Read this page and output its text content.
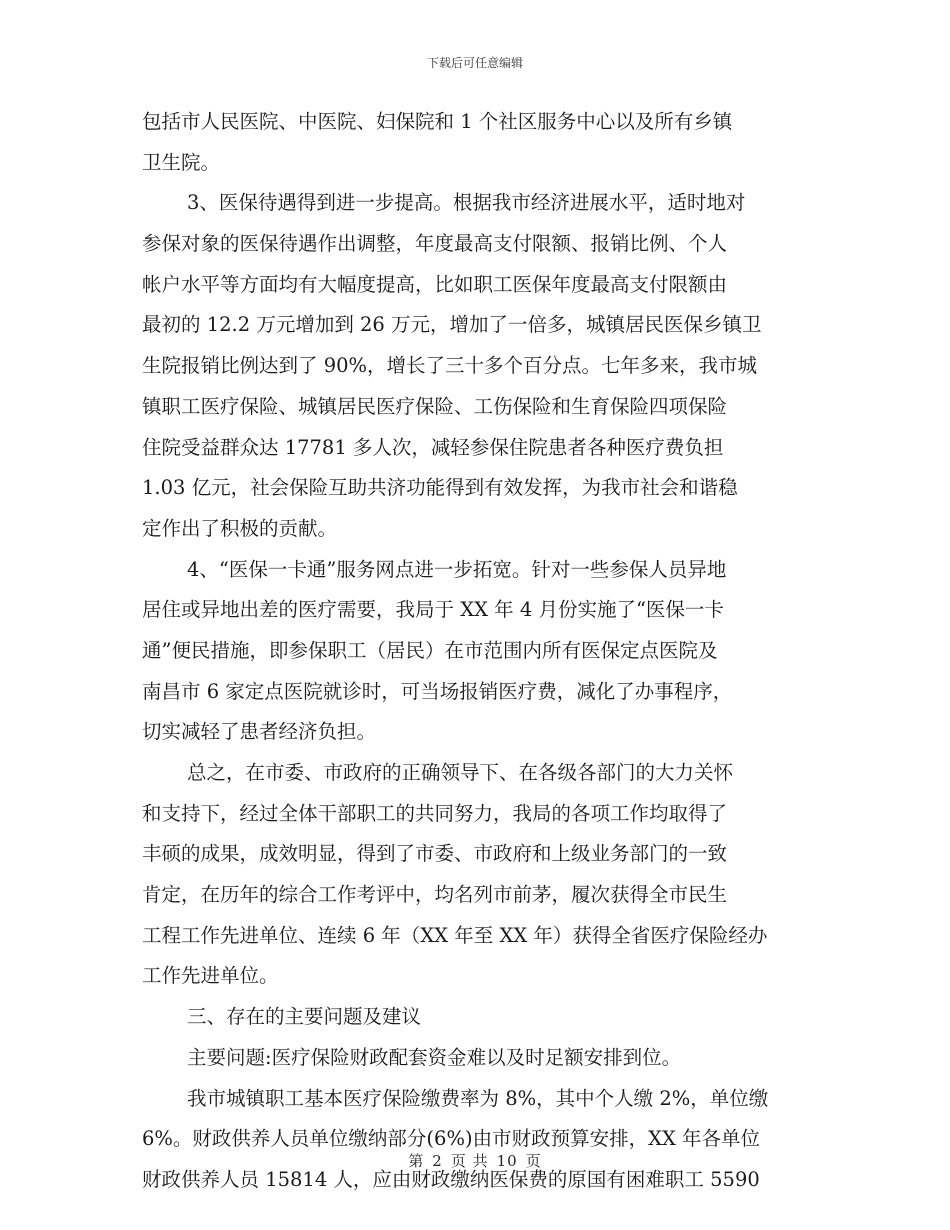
下载后可任意编辑
包括市人民医院、中医院、妇保院和 1 个社区服务中心以及所有乡镇
卫生院。
3、医保待遇得到进一步提高。根据我市经济进展水平，适时地对
参保对象的医保待遇作出调整，年度最高支付限额、报销比例、个人
帐户水平等方面均有大幅度提高，比如职工医保年度最高支付限额由
最初的 12.2 万元增加到 26 万元，增加了一倍多，城镇居民医保乡镇卫
生院报销比例达到了 90%，增长了三十多个百分点。七年多来，我市城
镇职工医疗保险、城镇居民医疗保险、工伤保险和生育保险四项保险
住院受益群众达 17781 多人次，减轻参保住院患者各种医疗费负担
1.03 亿元，社会保险互助共济功能得到有效发挥，为我市社会和谐稳
定作出了积极的贡献。
4、“医保一卡通”服务网点进一步拓宽。针对一些参保人员异地
居住或异地出差的医疗需要，我局于 XX 年 4 月份实施了“医保一卡
通”便民措施，即参保职工（居民）在市范围内所有医保定点医院及
南昌市 6 家定点医院就诊时，可当场报销医疗费，减化了办事程序，
切实减轻了患者经济负担。
总之，在市委、市政府的正确领导下、在各级各部门的大力关怀
和支持下，经过全体干部职工的共同努力，我局的各项工作均取得了
丰硕的成果，成效明显，得到了市委、市政府和上级业务部门的一致
肯定，在历年的综合工作考评中，均名列市前茅，履次获得全市民生
工程工作先进单位、连续 6 年（XX 年至 XX 年）获得全省医疗保险经办
工作先进单位。
三、存在的主要问题及建议
主要问题:医疗保险财政配套资金难以及时足额安排到位。
我市城镇职工基本医疗保险缴费率为 8%，其中个人缴 2%，单位缴
6%。财政供养人员单位缴纳部分(6%)由市财政预算安排，XX 年各单位
财政供养人员 15814 人，应由财政缴纳医保费的原国有困难职工 5590
第 2 页 共 10 页
